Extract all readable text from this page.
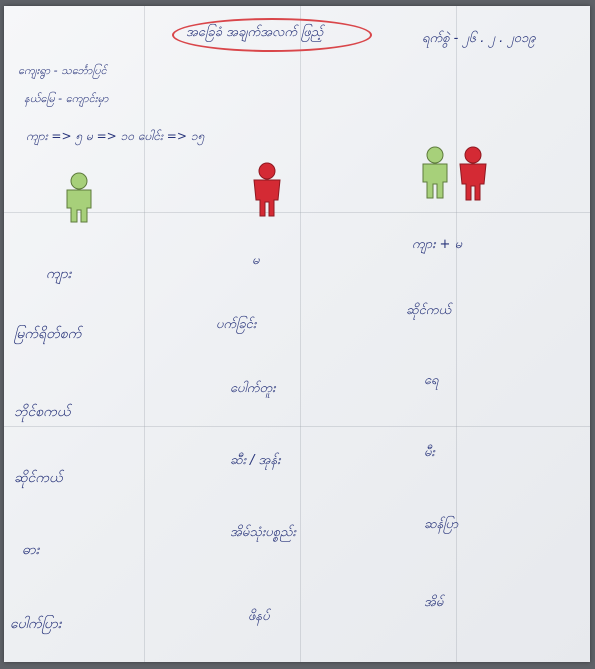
အခြေခံ အချက်အလက် ဖြည့်	ရက်စွဲ - ၂၆ . ၂ . ၂၀၁၉
ကျေးရွာ - သင်္ဘောပြင်
နယ်မြေ - ကျောင်းမှာ
ကျား => ၅ မ => ၁၀ ပေါင်း => ၁၅
ကျား
မ
ကျား + မ
မြက်ရိတ်စက်
ဘိုင်စကယ်
ဆိုင်ကယ်
ဓား
ပေါက်ပြား
ပက်ခြင်း
ပေါက်တူး
ဆီး / အုန်း
အိမ်သုံးပစ္စည်း
ဖိနပ်
ဆိုင်ကယ်
ရေ
မီး
ဆန်ပြာ
အိမ်
